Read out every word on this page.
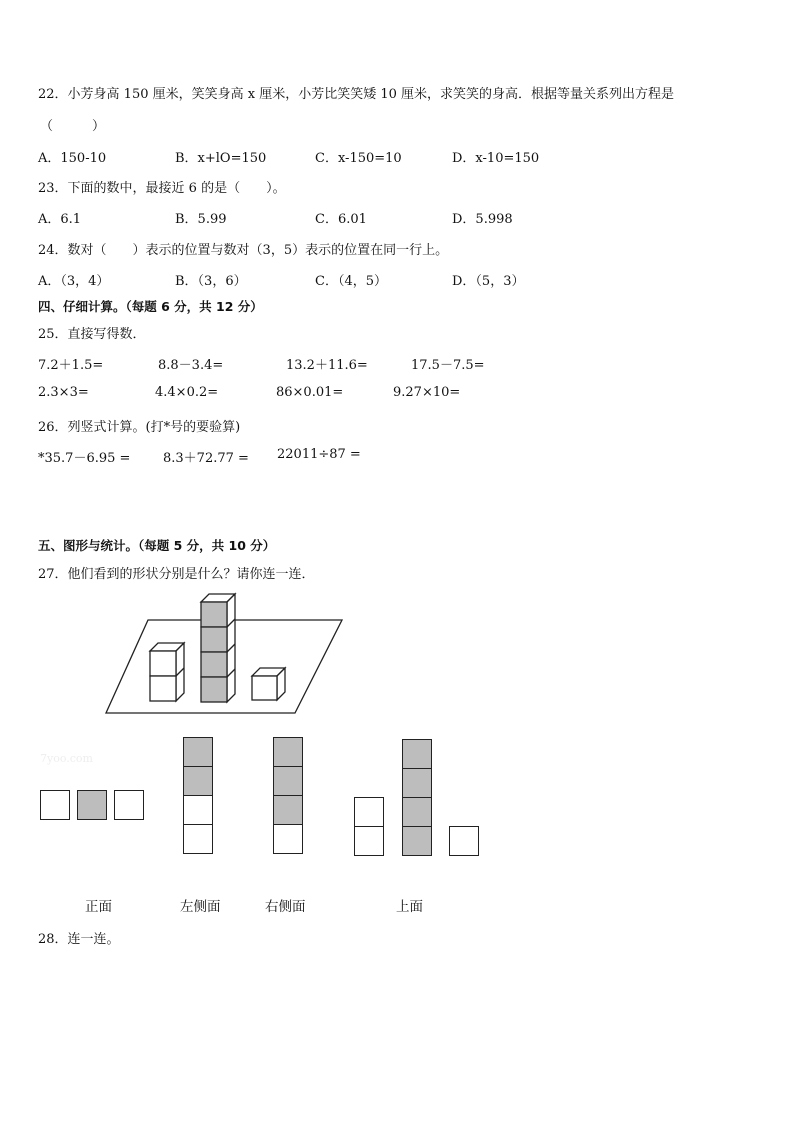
22．小芳身高 150 厘米，笑笑身高 x 厘米，小芳比笑笑矮 10 厘米，求笑笑的身高．根据等量关系列出方程是
（　　　）
A．150-10	B．x+lO=150	C．x-150=10	D．x-10=150
23．下面的数中，最接近 6 的是（　　）。
A．6.1	B．5.99	C．6.01	D．5.998
24．数对（　　）表示的位置与数对（3，5）表示的位置在同一行上。
A．（3，4）	B．（3，6）	C．（4，5）	D．（5，3）
四、仔细计算。（每题 6 分，共 12 分）
25．直接写得数．
7.2＋1.5=	8.8－3.4=	13.2＋11.6=	17.5－7.5=
2.3×3=	4.4×0.2=	86×0.01=	9.27×10=
26．列竖式计算。(打*号的要验算)
*35.7－6.95 =	8.3＋72.77 = 22011÷87 =
五、图形与统计。（每题 5 分，共 10 分）
27．他们看到的形状分别是什么？请你连一连．
7yoo.com
正面	左侧面	右侧面	上面
28．连一连。
